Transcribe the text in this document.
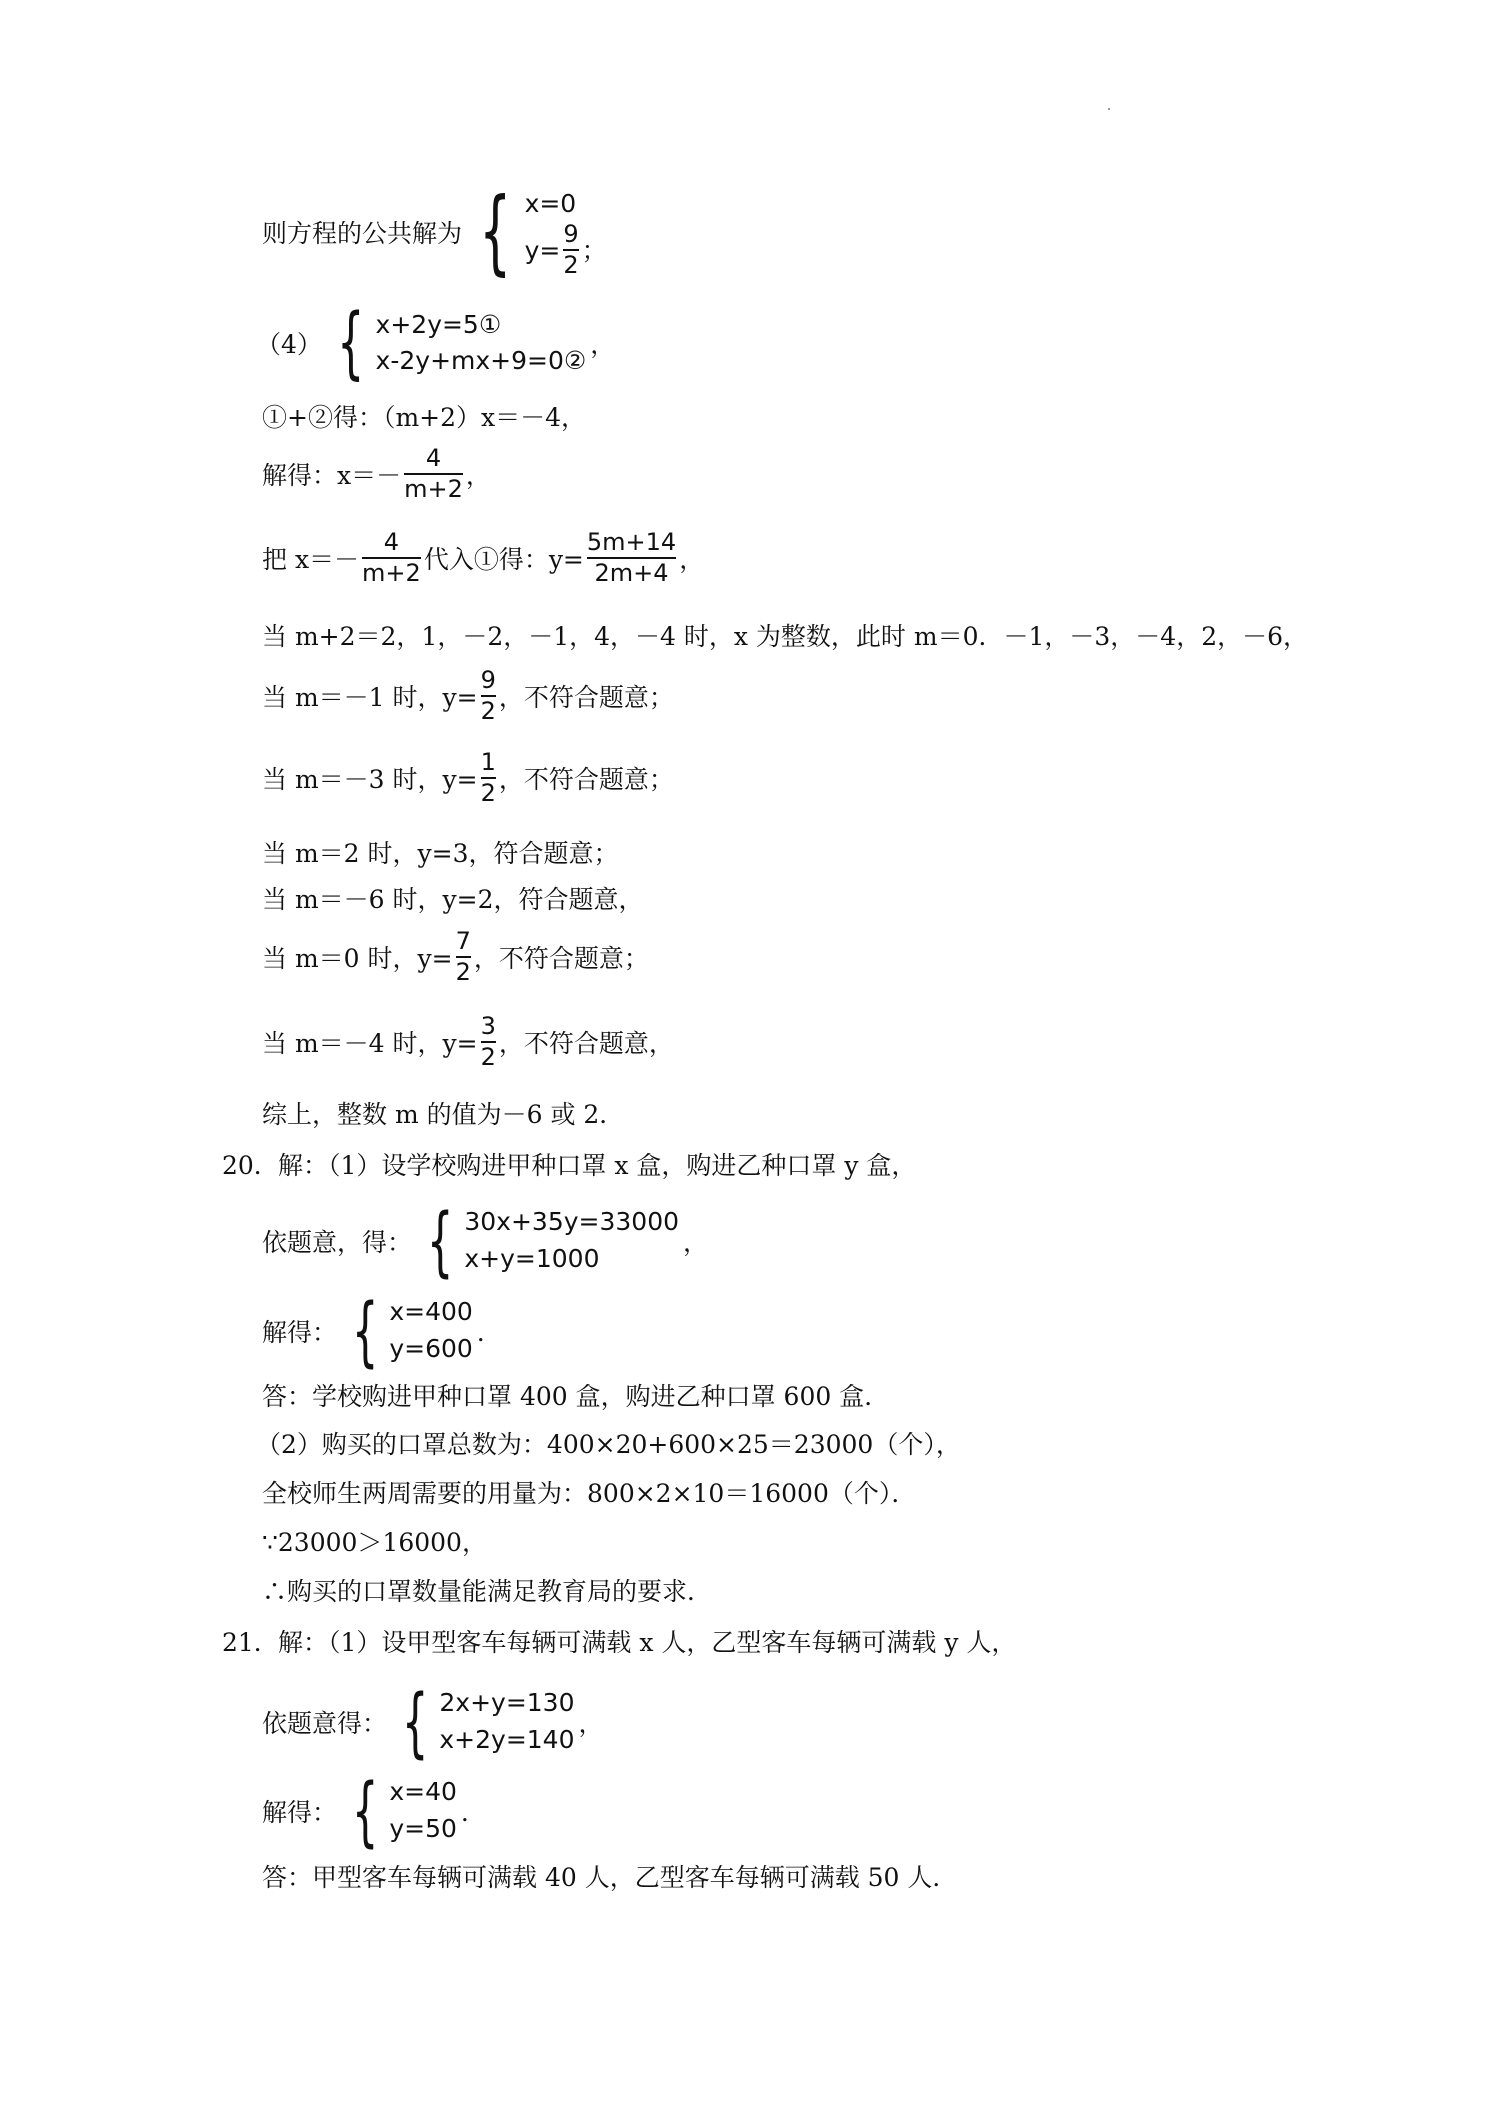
则方程的公共解为 { x=0
$y= \frac{9}{2}$ ；
（4） { x+2y=5①
x-2y+mx+9=0②
，
①+②得：（m+2）x＝－4，
解得：$x=- \frac{4}{m+2}$ ，
把 $x=- \frac{4}{m+2}$ 代入①得：$y= \frac{5m+14}{2m+4}$ ，
当 m+2＝2，1，－2，－1，4，－4 时，x 为整数，此时 m＝0．－1，－3，－4，2，－6，
当 m＝－1 时，$y= \frac{9}{2}$ ，不符合题意；
当 m＝－3 时，$y= \frac{1}{2}$ ，不符合题意；
当 m＝2 时，y=3，符合题意；
当 m＝－6 时，y=2，符合题意，
当 m＝0 时，$y= \frac{7}{2}$ ，不符合题意；
当 m＝－4 时，$y= \frac{3}{2}$ ，不符合题意，
综上，整数 m 的值为－6 或 2．
20． 解：（1）设学校购进甲种口罩 x 盒，购进乙种口罩 y 盒，
依题意，得： { 30x+35y=33000
x+y=1000
，
解得： { x=400
y=600
．
答：学校购进甲种口罩 400 盒，购进乙种口罩 600 盒．
（2）购买的口罩总数为：400×20+600×25＝23000（个），
全校师生两周需要的用量为：800×2×10＝16000（个）．
∵23000＞16000，
∴购买的口罩数量能满足教育局的要求．
21． 解：（1）设甲型客车每辆可满载 x 人，乙型客车每辆可满载 y 人，
依题意得： { 2x+y=130
x+2y=140
，
解得： { x=40
y=50
．
答：甲型客车每辆可满载 40 人，乙型客车每辆可满载 50 人．
